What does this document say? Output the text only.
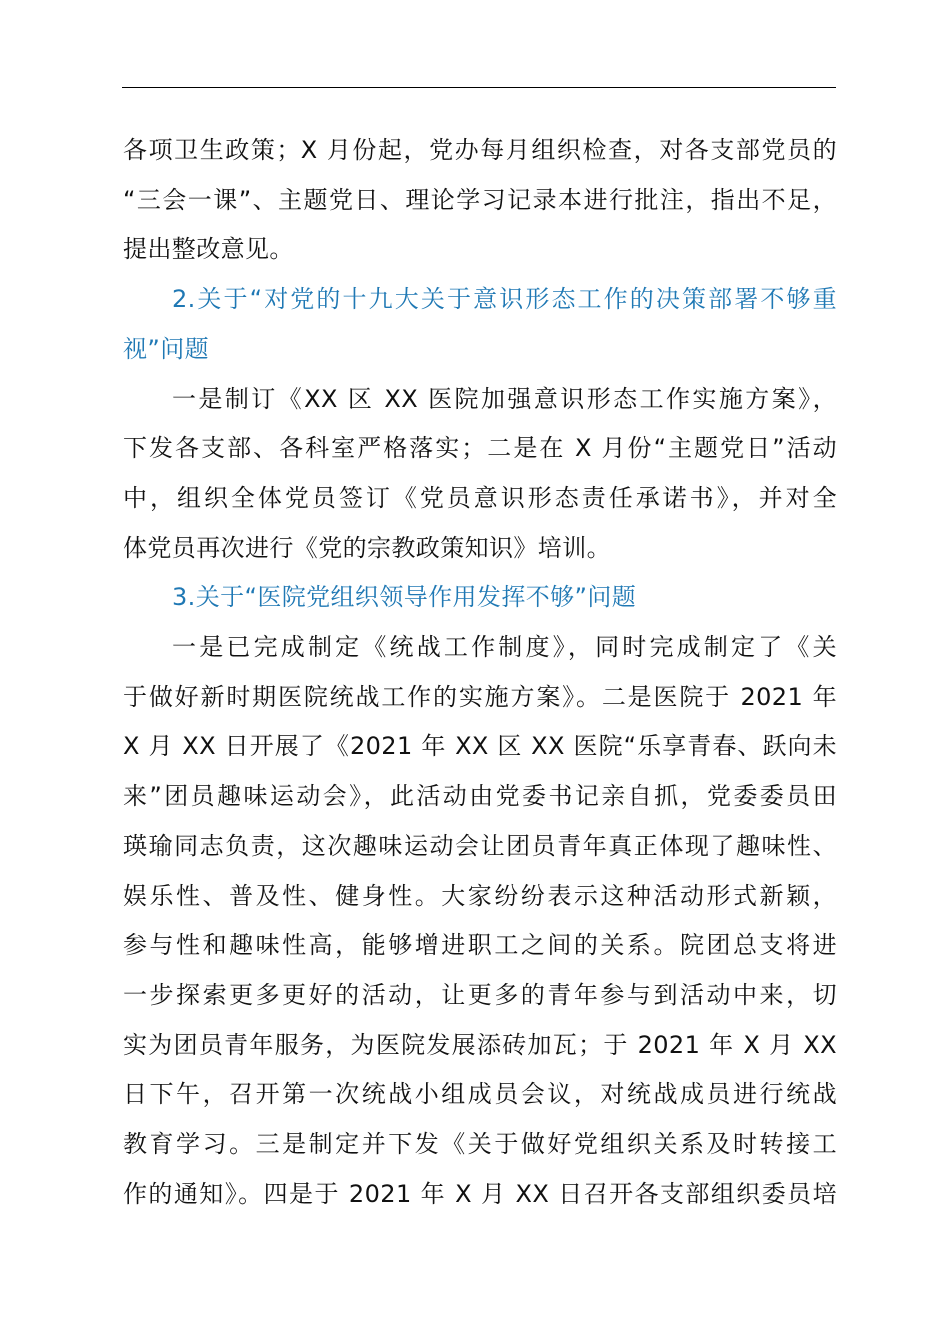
各项卫生政策；X 月份起，党办每月组织检查，对各支部党员的
“三会一课”、主题党日、理论学习记录本进行批注，指出不足，
提出整改意见。
2.关于“对党的十九大关于意识形态工作的决策部署不够重
视”问题
一是制订《XX 区 XX 医院加强意识形态工作实施方案》，
下发各支部、各科室严格落实；二是在 X 月份“主题党日”活动
中，组织全体党员签订《党员意识形态责任承诺书》，并对全
体党员再次进行《党的宗教政策知识》培训。
3.关于“医院党组织领导作用发挥不够”问题
一是已完成制定《统战工作制度》，同时完成制定了《关
于做好新时期医院统战工作的实施方案》。二是医院于 2021 年
X 月 XX 日开展了《2021 年 XX 区 XX 医院“乐享青春、跃向未
来”团员趣味运动会》，此活动由党委书记亲自抓，党委委员田
瑛瑜同志负责，这次趣味运动会让团员青年真正体现了趣味性、
娱乐性、普及性、健身性。大家纷纷表示这种活动形式新颖，
参与性和趣味性高，能够增进职工之间的关系。院团总支将进
一步探索更多更好的活动，让更多的青年参与到活动中来，切
实为团员青年服务，为医院发展添砖加瓦；于 2021 年 X 月 XX
日下午，召开第一次统战小组成员会议，对统战成员进行统战
教育学习。三是制定并下发《关于做好党组织关系及时转接工
作的通知》。四是于 2021 年 X 月 XX 日召开各支部组织委员培
